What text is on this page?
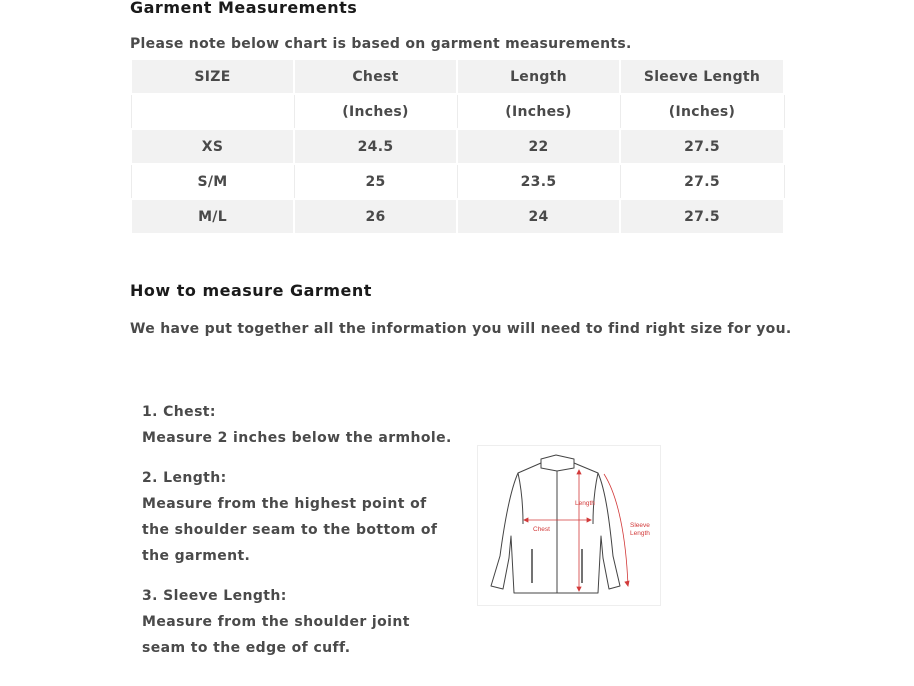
Garment Measurements
Please note below chart is based on garment measurements.
SIZE	Chest	Length	Sleeve Length
	(Inches)	(Inches)	(Inches)
XS	24.5	22	27.5
S/M	25	23.5	27.5
M/L	26	24	27.5
How to measure Garment
We have put together all the information you will need to find right size for you.
1. Chest:
Measure 2 inches below the armhole.
2. Length:
Measure from the highest point of the shoulder seam to the bottom of the garment.
3. Sleeve Length:
Measure from the shoulder joint seam to the edge of cuff.
Chest
Length
Sleeve
Length
